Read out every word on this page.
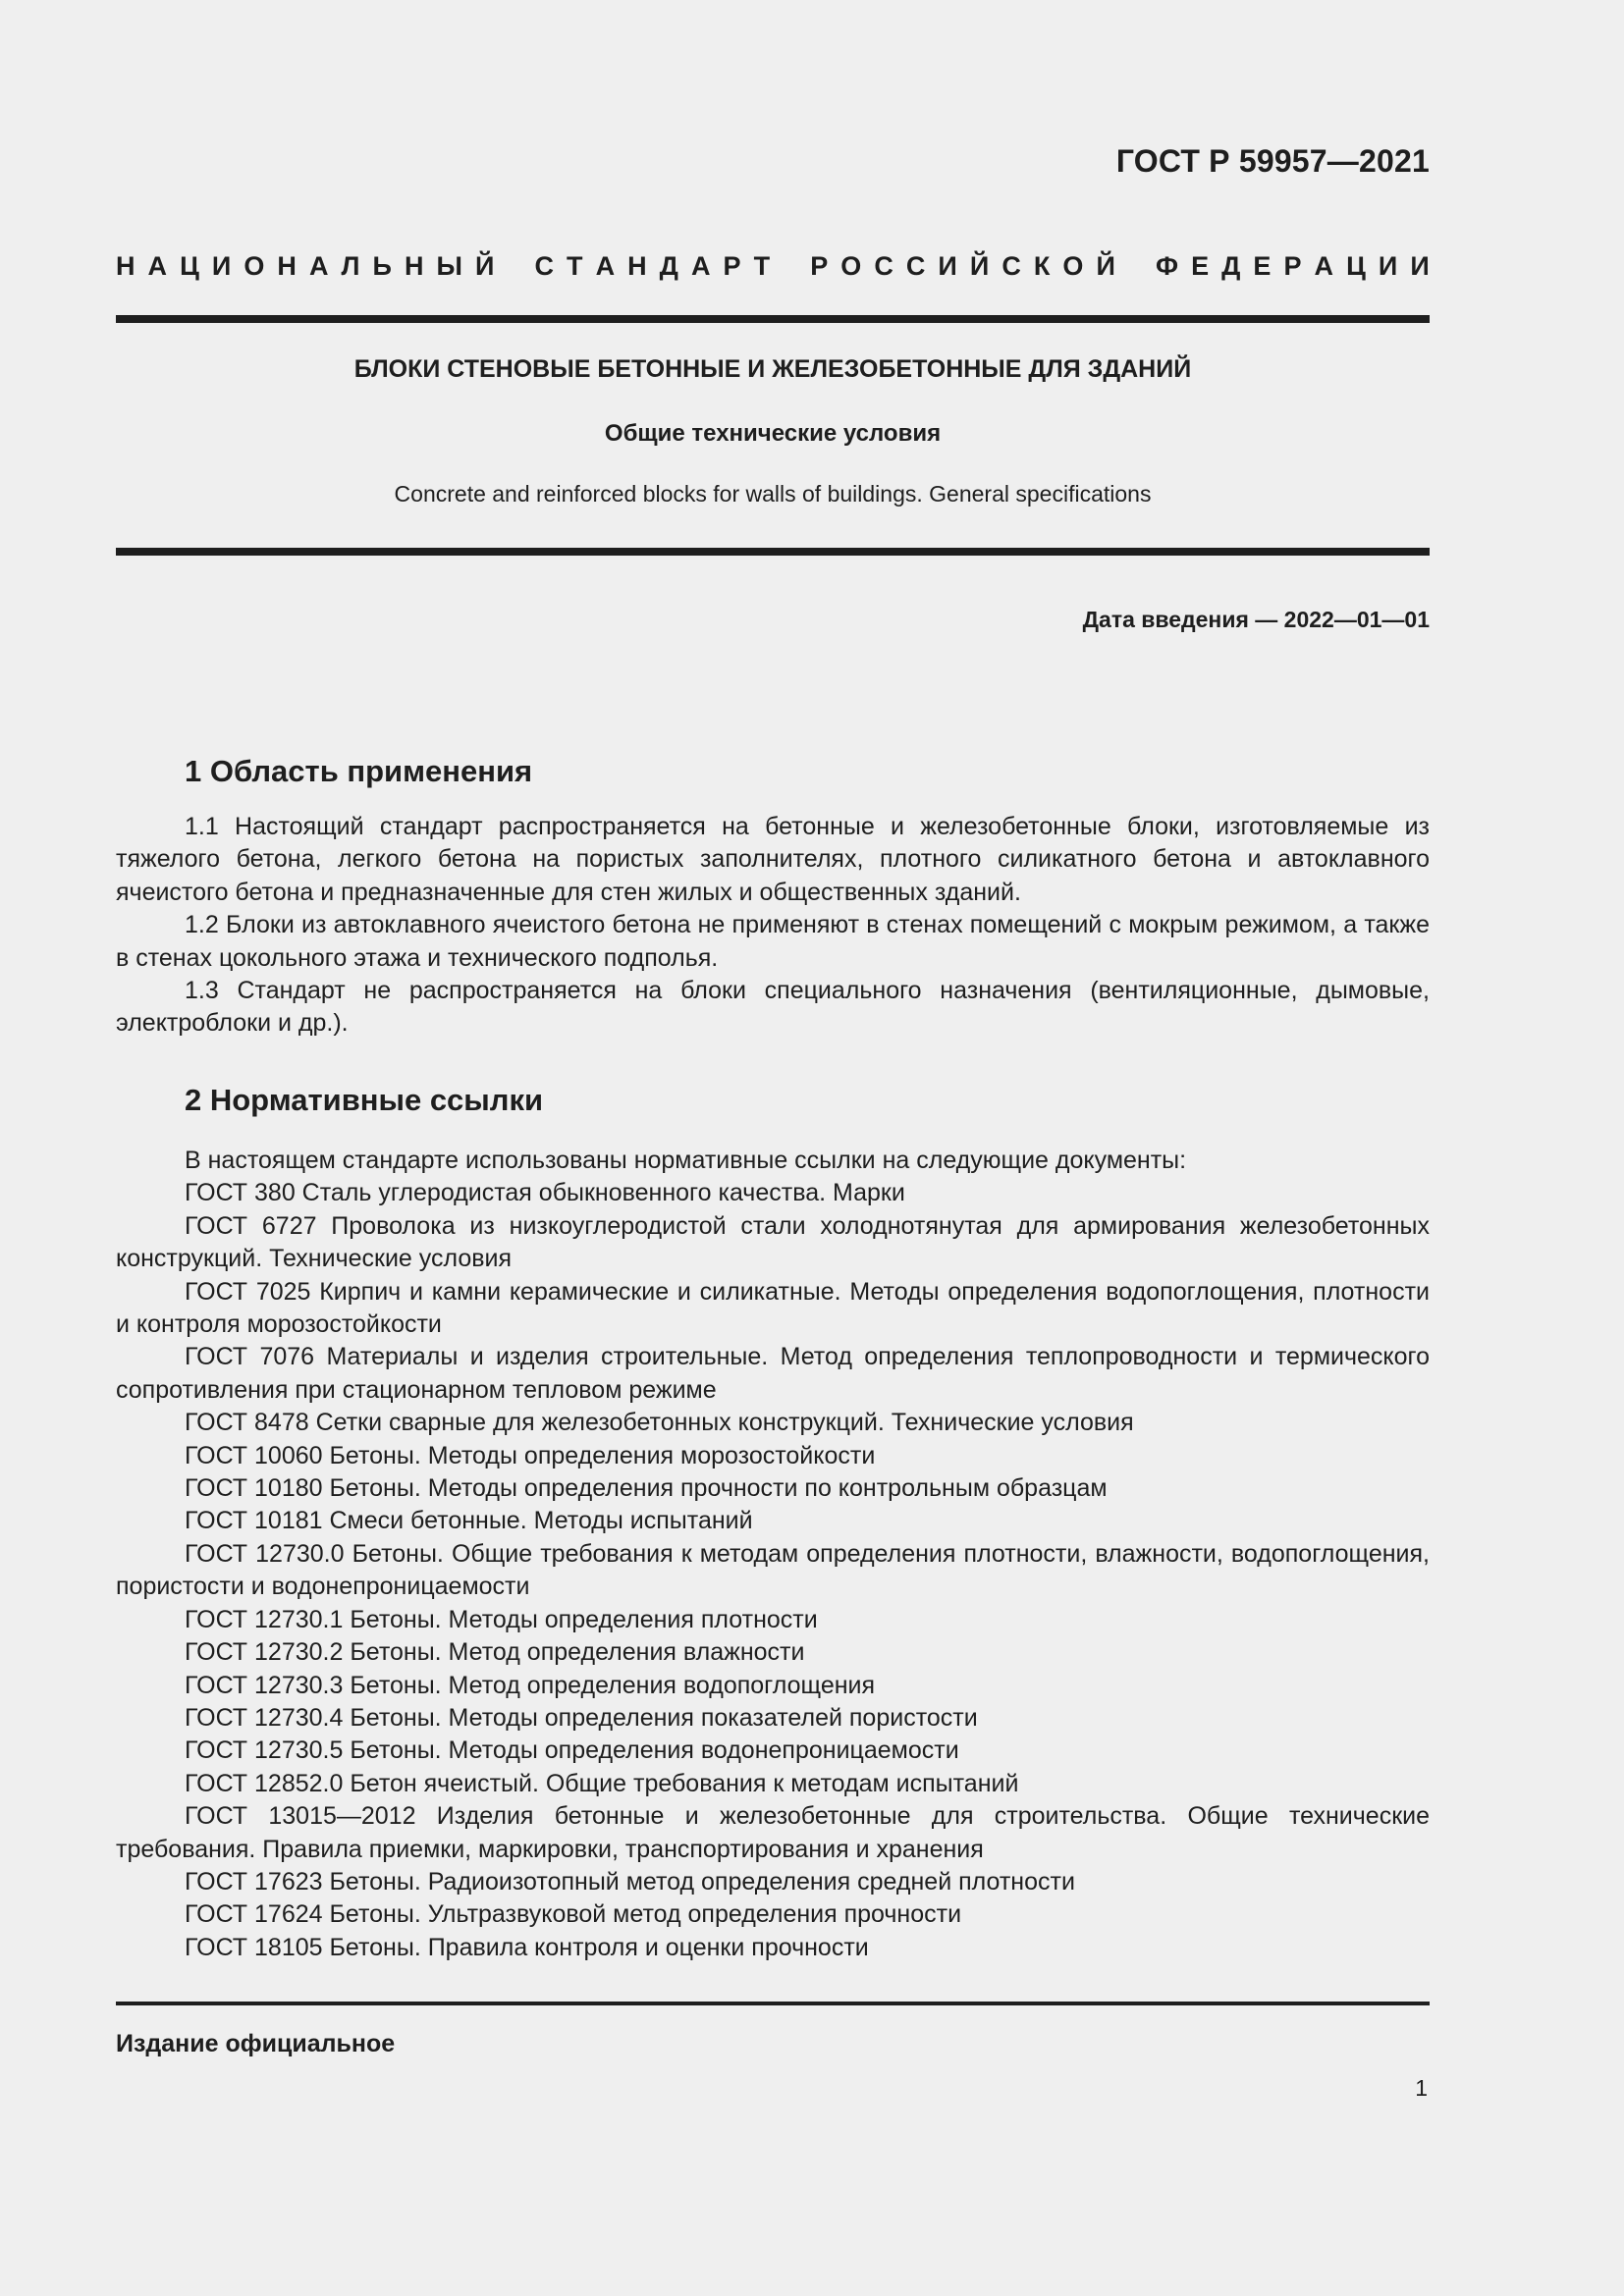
ГОСТ Р 59957—2021
Н А Ц И О Н А Л Ь Н Ы Й
С Т А Н Д А Р Т
Р О С С И Й С К О Й
Ф Е Д Е Р А Ц И И
БЛОКИ СТЕНОВЫЕ БЕТОННЫЕ И ЖЕЛЕЗОБЕТОННЫЕ ДЛЯ ЗДАНИЙ
Общие технические условия
Concrete and reinforced blocks for walls of buildings. General specifications
Дата введения — 2022—01—01
1 Область применения

1.1 Настоящий стандарт распространяется на бетонные и железобетонные блоки, изготовляемые из тяжелого бетона, легкого бетона на пористых заполнителях, плотного силикатного бетона и автоклавного ячеистого бетона и предназначенные для стен жилых и общественных зданий.

1.2 Блоки из автоклавного ячеистого бетона не применяют в стенах помещений с мокрым режимом, а также в стенах цокольного этажа и технического подполья.

1.3 Стандарт не распространяется на блоки специального назначения (вентиляционные, дымовые, электроблоки и др.).

2 Нормативные ссылки

В настоящем стандарте использованы нормативные ссылки на следующие документы:

ГОСТ 380 Сталь углеродистая обыкновенного качества. Марки

ГОСТ 6727 Проволока из низкоуглеродистой стали холоднотянутая для армирования железобетонных конструкций. Технические условия

ГОСТ 7025 Кирпич и камни керамические и силикатные. Методы определения водопоглощения, плотности и контроля морозостойкости

ГОСТ 7076 Материалы и изделия строительные. Метод определения теплопроводности и термического сопротивления при стационарном тепловом режиме

ГОСТ 8478 Сетки сварные для железобетонных конструкций. Технические условия

ГОСТ 10060 Бетоны. Методы определения морозостойкости

ГОСТ 10180 Бетоны. Методы определения прочности по контрольным образцам

ГОСТ 10181 Смеси бетонные. Методы испытаний

ГОСТ 12730.0 Бетоны. Общие требования к методам определения плотности, влажности, водопоглощения, пористости и водонепроницаемости

ГОСТ 12730.1 Бетоны. Методы определения плотности

ГОСТ 12730.2 Бетоны. Метод определения влажности

ГОСТ 12730.3 Бетоны. Метод определения водопоглощения

ГОСТ 12730.4 Бетоны. Методы определения показателей пористости

ГОСТ 12730.5 Бетоны. Методы определения водонепроницаемости

ГОСТ 12852.0 Бетон ячеистый. Общие требования к методам испытаний

ГОСТ 13015—2012 Изделия бетонные и железобетонные для строительства. Общие технические требования. Правила приемки, маркировки, транспортирования и хранения

ГОСТ 17623 Бетоны. Радиоизотопный метод определения средней плотности

ГОСТ 17624 Бетоны. Ультразвуковой метод определения прочности

ГОСТ 18105 Бетоны. Правила контроля и оценки прочности

Издание официальное
1
